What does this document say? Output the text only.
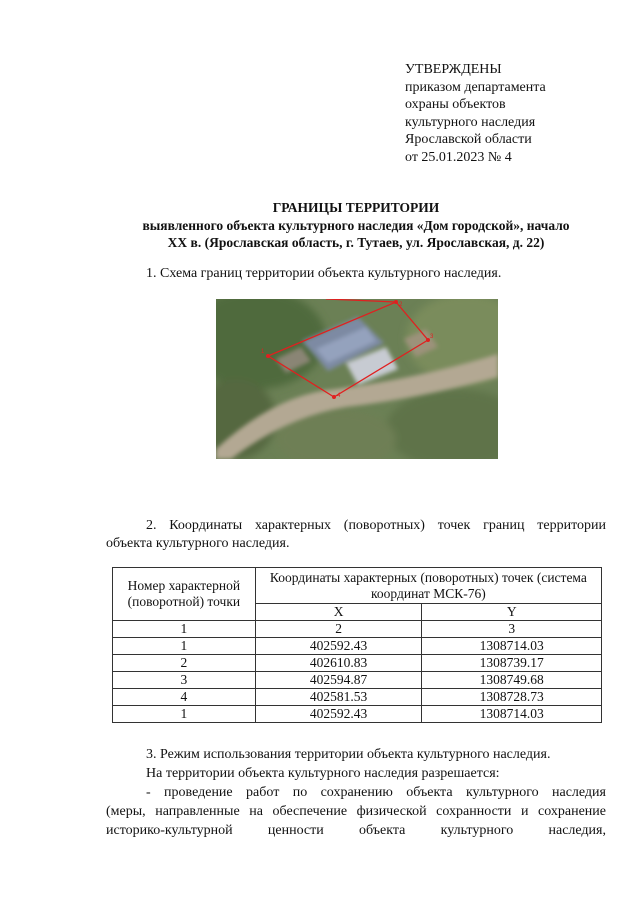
УТВЕРЖДЕНЫ
приказом департамента
охраны объектов
культурного наследия
Ярославской области
от 25.01.2023 № 4
ГРАНИЦЫ ТЕРРИТОРИИ
выявленного объекта культурного наследия «Дом городской», начало
XX в. (Ярославская область, г. Тутаев, ул. Ярославская, д. 22)
1. Схема границ территории объекта культурного наследия.
1
2
3
4
2. Координаты характерных (поворотных) точек границ территории
объекта культурного наследия.
Номер характерной (поворотной) точки	Координаты характерных (поворотных) точек (система координат МСК-76)	
	X	Y
1	2	3
1	402592.43	1308714.03
2	402610.83	1308739.17
3	402594.87	1308749.68
4	402581.53	1308728.73
1	402592.43	1308714.03
3. Режим использования территории объекта культурного наследия.
На территории объекта культурного наследия разрешается:
- проведение работ по сохранению объекта культурного наследия
(меры, направленные на обеспечение физической сохранности и сохранение
историко-культурной ценности объекта культурного наследия,
